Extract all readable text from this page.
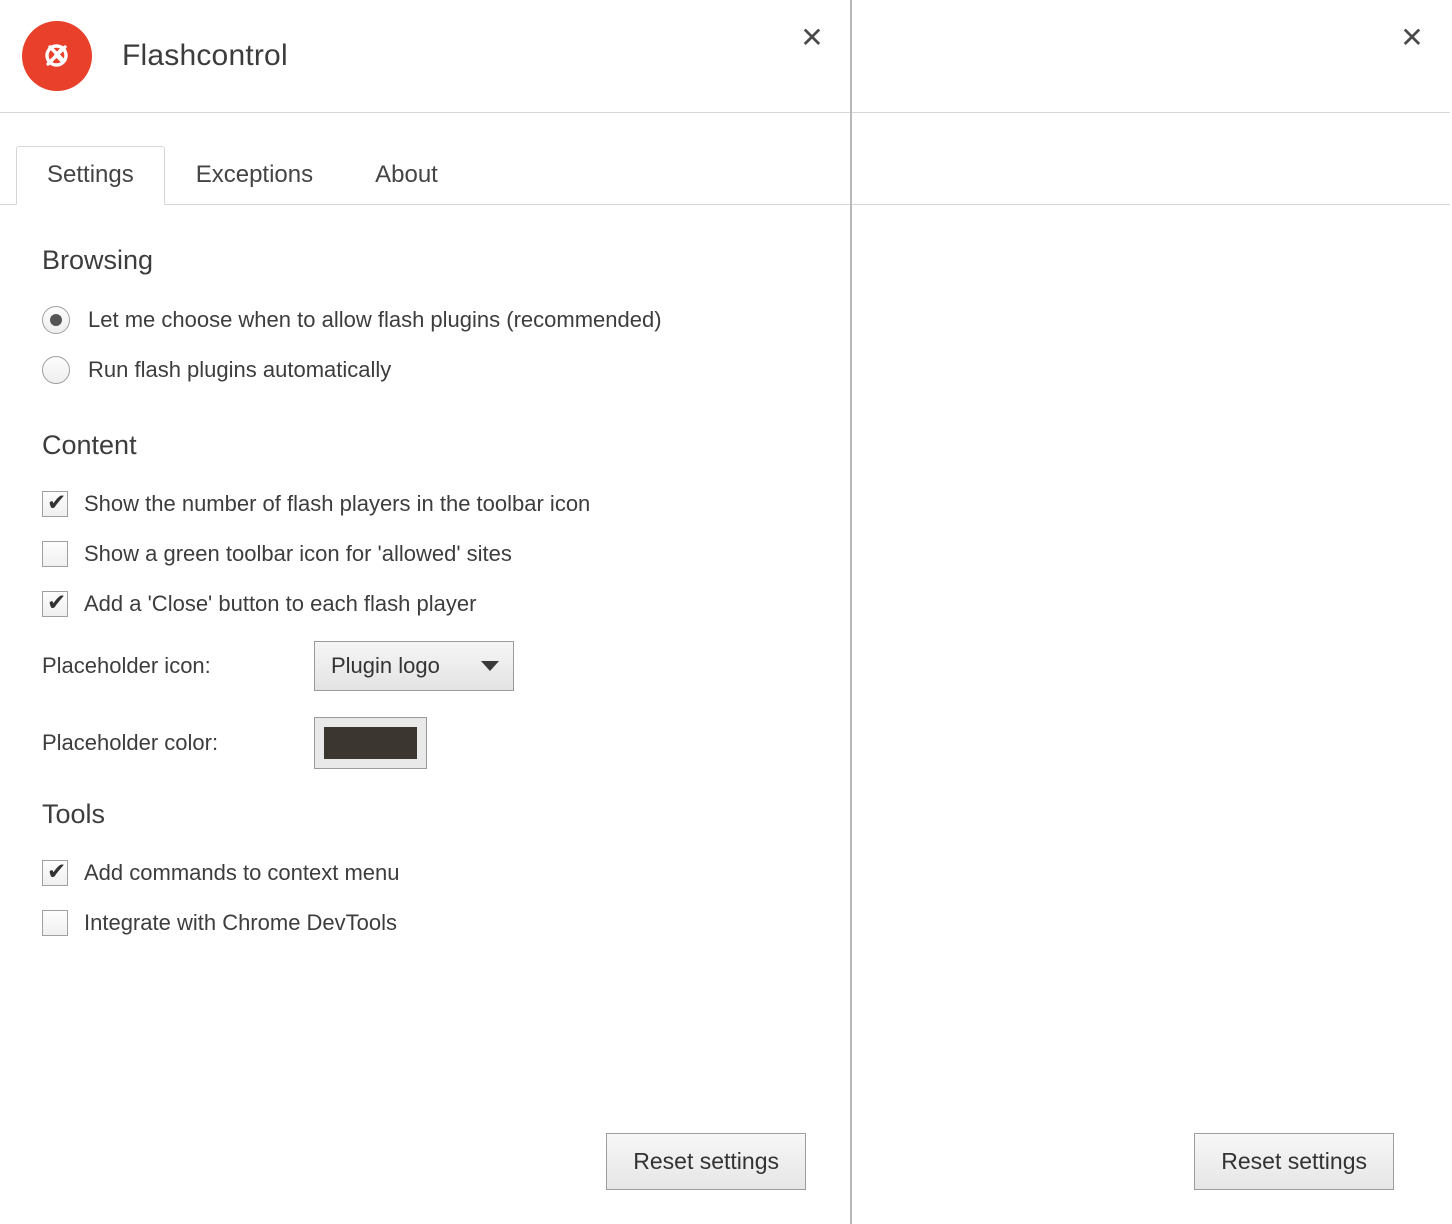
Flashcontrol
✕
Settings	Exceptions	About
Browsing
Let me choose when to allow flash plugins (recommended)
Run flash plugins automatically
Content
✔ Show the number of flash players in the toolbar icon
Show a green toolbar icon for 'allowed' sites
✔ Add a 'Close' button to each flash player
Placeholder icon:	Plugin logo
Placeholder color:
Tools
✔ Add commands to context menu
Integrate with Chrome DevTools
Reset settings
✕
Reset settings
